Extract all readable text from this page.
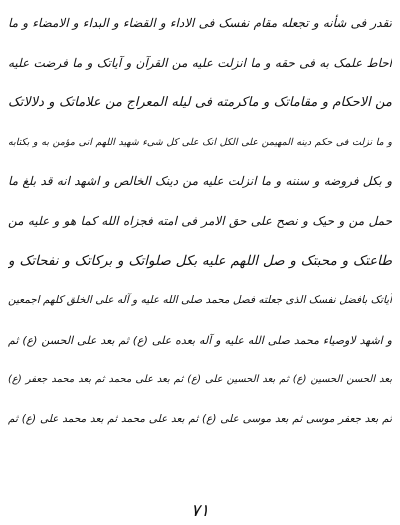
تقدر فی شأنه و تجعله مقام نفسک فی الاداء و القضاء و البداء و الامضاء و ما
احاط علمک به فی حقه و ما انزلت علیه من القرآن و آیاتک و ما فرضت علیه
من الاحکام و مقاماتک و ماکرمته فی لیله المعراج من علاماتک و دلالاتک
و ما نزلت فی حکم دینه المهیمن علی الکل انک علی کل شیء شهید اللهم انی مؤمن به و بکتابه
و بکل فروضه و سننه و ما انزلت علیه من دینک الخالص و اشهد انه قد بلغ ما
حمل من و حیک و نصح علی حق الامر فی امته فجزاه الله کما هو و علیه من
طاعتک و محبتک و صل اللهم علیه بکل صلواتک و برکاتک و نفحاتک و
آیاتک بافضل نفسک الذی جعلته فصل محمد صلی الله علیه و آله علی الخلق کلهم اجمعین
و اشهد لاوصیاء محمد صلی الله علیه و آله بعده علی (ع) ثم بعد علی الحسن (ع) ثم
بعد الحسن الحسین (ع) ثم بعد الحسین علی (ع) ثم بعد علی محمد ثم بعد محمد جعفر (ع)
ثم بعد جعفر موسی ثم بعد موسی علی (ع) ثم بعد علی محمد ثم بعد محمد علی (ع) ثم
٧١
